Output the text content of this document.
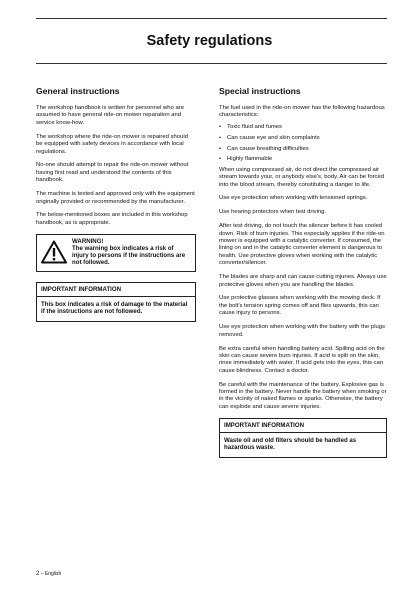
Safety regulations
General instructions

The workshop handbook is written for personnel who are assumed to have general ride-on mower reparation and service know-how.

The workshop where the ride-on mower is repaired should be equipped with safety devices in accordance with local regulations.

No-one should attempt to repair the ride-on mower without having first read and understood the contents of this handbook.

The machine is tested and approved only with the equipment originally provided or recommended by the manufacturer.

The below-mentioned boxes are included in this workshop handbook, as is appropriate.

WARNING!
The warning box indicates a risk of injury to persons if the instructions are not followed.
IMPORTANT INFORMATION
This box indicates a risk of damage to the material if the instructions are not followed.
Special instructions

The fuel used in the ride-on mower has the following hazardous characteristics:

• Toxic fluid and fumes
• Can cause eye and skin complaints
• Can cause breathing difficulties
• Highly flammable

When using compressed air, do not direct the compressed air stream towards your, or anybody else's, body. Air can be forced into the blood stream, thereby constituting a danger to life.

Use eye protection when working with tensioned springs.

Use hearing protectors when test driving.

After test driving, do not touch the silencer before it has cooled down. Risk of burn injuries. This especially applies if the ride-on mower is equipped with a catalytic converter. If consumed, the lining on and in the catalytic converter element is dangerous to health. Use protective gloves when working with the catalytic converter/silencer.

The blades are sharp and can cause cutting injuries. Always use protective gloves when you are handling the blades.

Use protective glasses when working with the mowing deck. If the bolt's tension spring comes off and flies upwards, this can cause injury to persons.

Use eye protection when working with the battery with the plugs removed.

Be extra careful when handling battery acid. Spilling acid on the skin can cause severe burn injuries. If acid is spilt on the skin, rinse immediately with water. If acid gets into the eyes, this can cause blindness. Contact a doctor.

Be careful with the maintenance of the battery. Explosive gas is formed in the battery. Never handle the battery when smoking or in the vicinity of naked flames or sparks. Otherwise, the battery can explode and cause severe injuries.

IMPORTANT INFORMATION
Waste oil and old filters should be handled as hazardous waste.
2 – English
